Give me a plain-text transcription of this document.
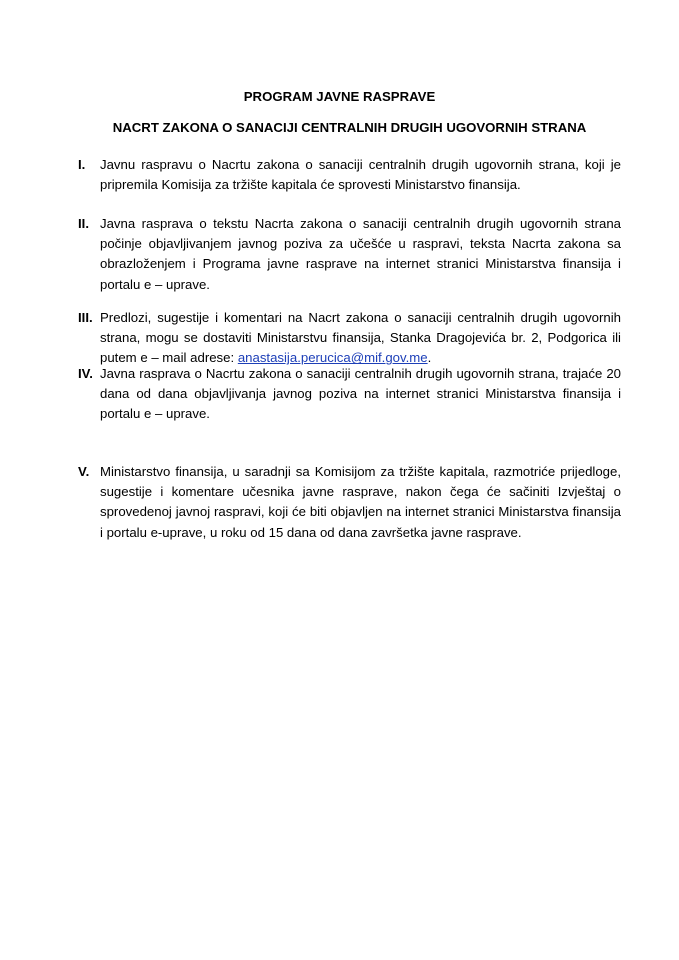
PROGRAM JAVNE RASPRAVE

NACRT ZAKONA O SANACIJI CENTRALNIH DRUGIH UGOVORNIH STRANA

I. Javnu raspravu o Nacrtu zakona o sanaciji centralnih drugih ugovornih strana, koji je pripremila Komisija za tržište kapitala će sprovesti Ministarstvo finansija.
II. Javna rasprava o tekstu Nacrta zakona o sanaciji centralnih drugih ugovornih strana počinje objavljivanjem javnog poziva za učešće u raspravi, teksta Nacrta zakona sa obrazloženjem i Programa javne rasprave na internet stranici Ministarstva finansija i portalu e – uprave.
III. Predlozi, sugestije i komentari na Nacrt zakona o sanaciji centralnih drugih ugovornih strana, mogu se dostaviti Ministarstvu finansija, Stanka Dragojevića br. 2, Podgorica ili putem e – mail adrese: anastasija.perucica@mif.gov.me.
IV. Javna rasprava o Nacrtu zakona o sanaciji centralnih drugih ugovornih strana, trajaće 20 dana od dana objavljivanja javnog poziva na internet stranici Ministarstva finansija i portalu e – uprave.
V. Ministarstvo finansija, u saradnji sa Komisijom za tržište kapitala, razmotriće prijedloge, sugestije i komentare učesnika javne rasprave, nakon čega će sačiniti Izvještaj o sprovedenoj javnoj raspravi, koji će biti objavljen na internet stranici Ministarstva finansija i portalu e-uprave, u roku od 15 dana od dana završetka javne rasprave.
